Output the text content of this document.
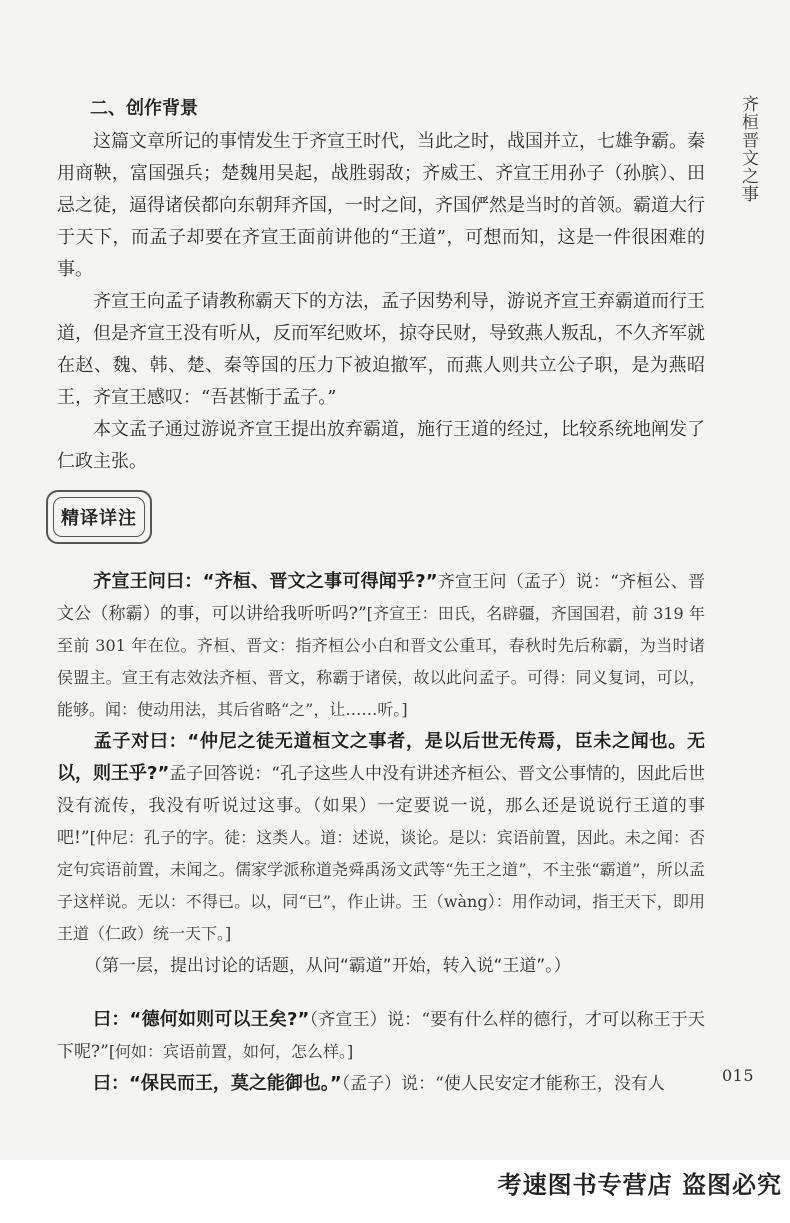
齐桓晋文之事

二、创作背景

这篇文章所记的事情发生于齐宣王时代，当此之时，战国并立，七雄争霸。秦用商鞅，富国强兵；楚魏用吴起，战胜弱敌；齐威王、齐宣王用孙子（孙膑）、田忌之徒，逼得诸侯都向东朝拜齐国，一时之间，齐国俨然是当时的首领。霸道大行于天下，而孟子却要在齐宣王面前讲他的“王道”，可想而知，这是一件很困难的事。

齐宣王向孟子请教称霸天下的方法，孟子因势利导，游说齐宣王弃霸道而行王道，但是齐宣王没有听从，反而军纪败坏，掠夺民财，导致燕人叛乱，不久齐军就在赵、魏、韩、楚、秦等国的压力下被迫撤军，而燕人则共立公子职，是为燕昭王，齐宣王感叹：“吾甚惭于孟子。”

本文孟子通过游说齐宣王提出放弃霸道，施行王道的经过，比较系统地阐发了仁政主张。

精译详注

齐宣王问曰：“齐桓、晋文之事可得闻乎?”齐宣王问（孟子）说：“齐桓公、晋文公（称霸）的事，可以讲给我听听吗?”[齐宣王：田氏，名辟疆，齐国国君，前 319 年至前 301 年在位。齐桓、晋文：指齐桓公小白和晋文公重耳，春秋时先后称霸，为当时诸侯盟主。宣王有志效法齐桓、晋文，称霸于诸侯，故以此问孟子。可得：同义复词，可以，能够。闻：使动用法，其后省略“之”，让……听。]

孟子对曰：“仲尼之徒无道桓文之事者，是以后世无传焉，臣未之闻也。无以，则王乎?”孟子回答说：“孔子这些人中没有讲述齐桓公、晋文公事情的，因此后世没有流传，我没有听说过这事。（如果）一定要说一说，那么还是说说行王道的事吧!”[仲尼：孔子的字。徒：这类人。道：述说，谈论。是以：宾语前置，因此。未之闻：否定句宾语前置，未闻之。儒家学派称道尧舜禹汤文武等“先王之道”，不主张“霸道”，所以孟子这样说。无以：不得已。以，同“已”，作止讲。王（wàng）：用作动词，指王天下，即用王道（仁政）统一天下。]

（第一层，提出讨论的话题，从问“霸道”开始，转入说“王道”。）

曰：“德何如则可以王矣?”（齐宣王）说：“要有什么样的德行，才可以称王于天下呢?”[何如：宾语前置，如何，怎么样。]

曰：“保民而王，莫之能御也。”（孟子）说：“使人民安定才能称王，没有人	015
考速图书专营店 盗图必究
